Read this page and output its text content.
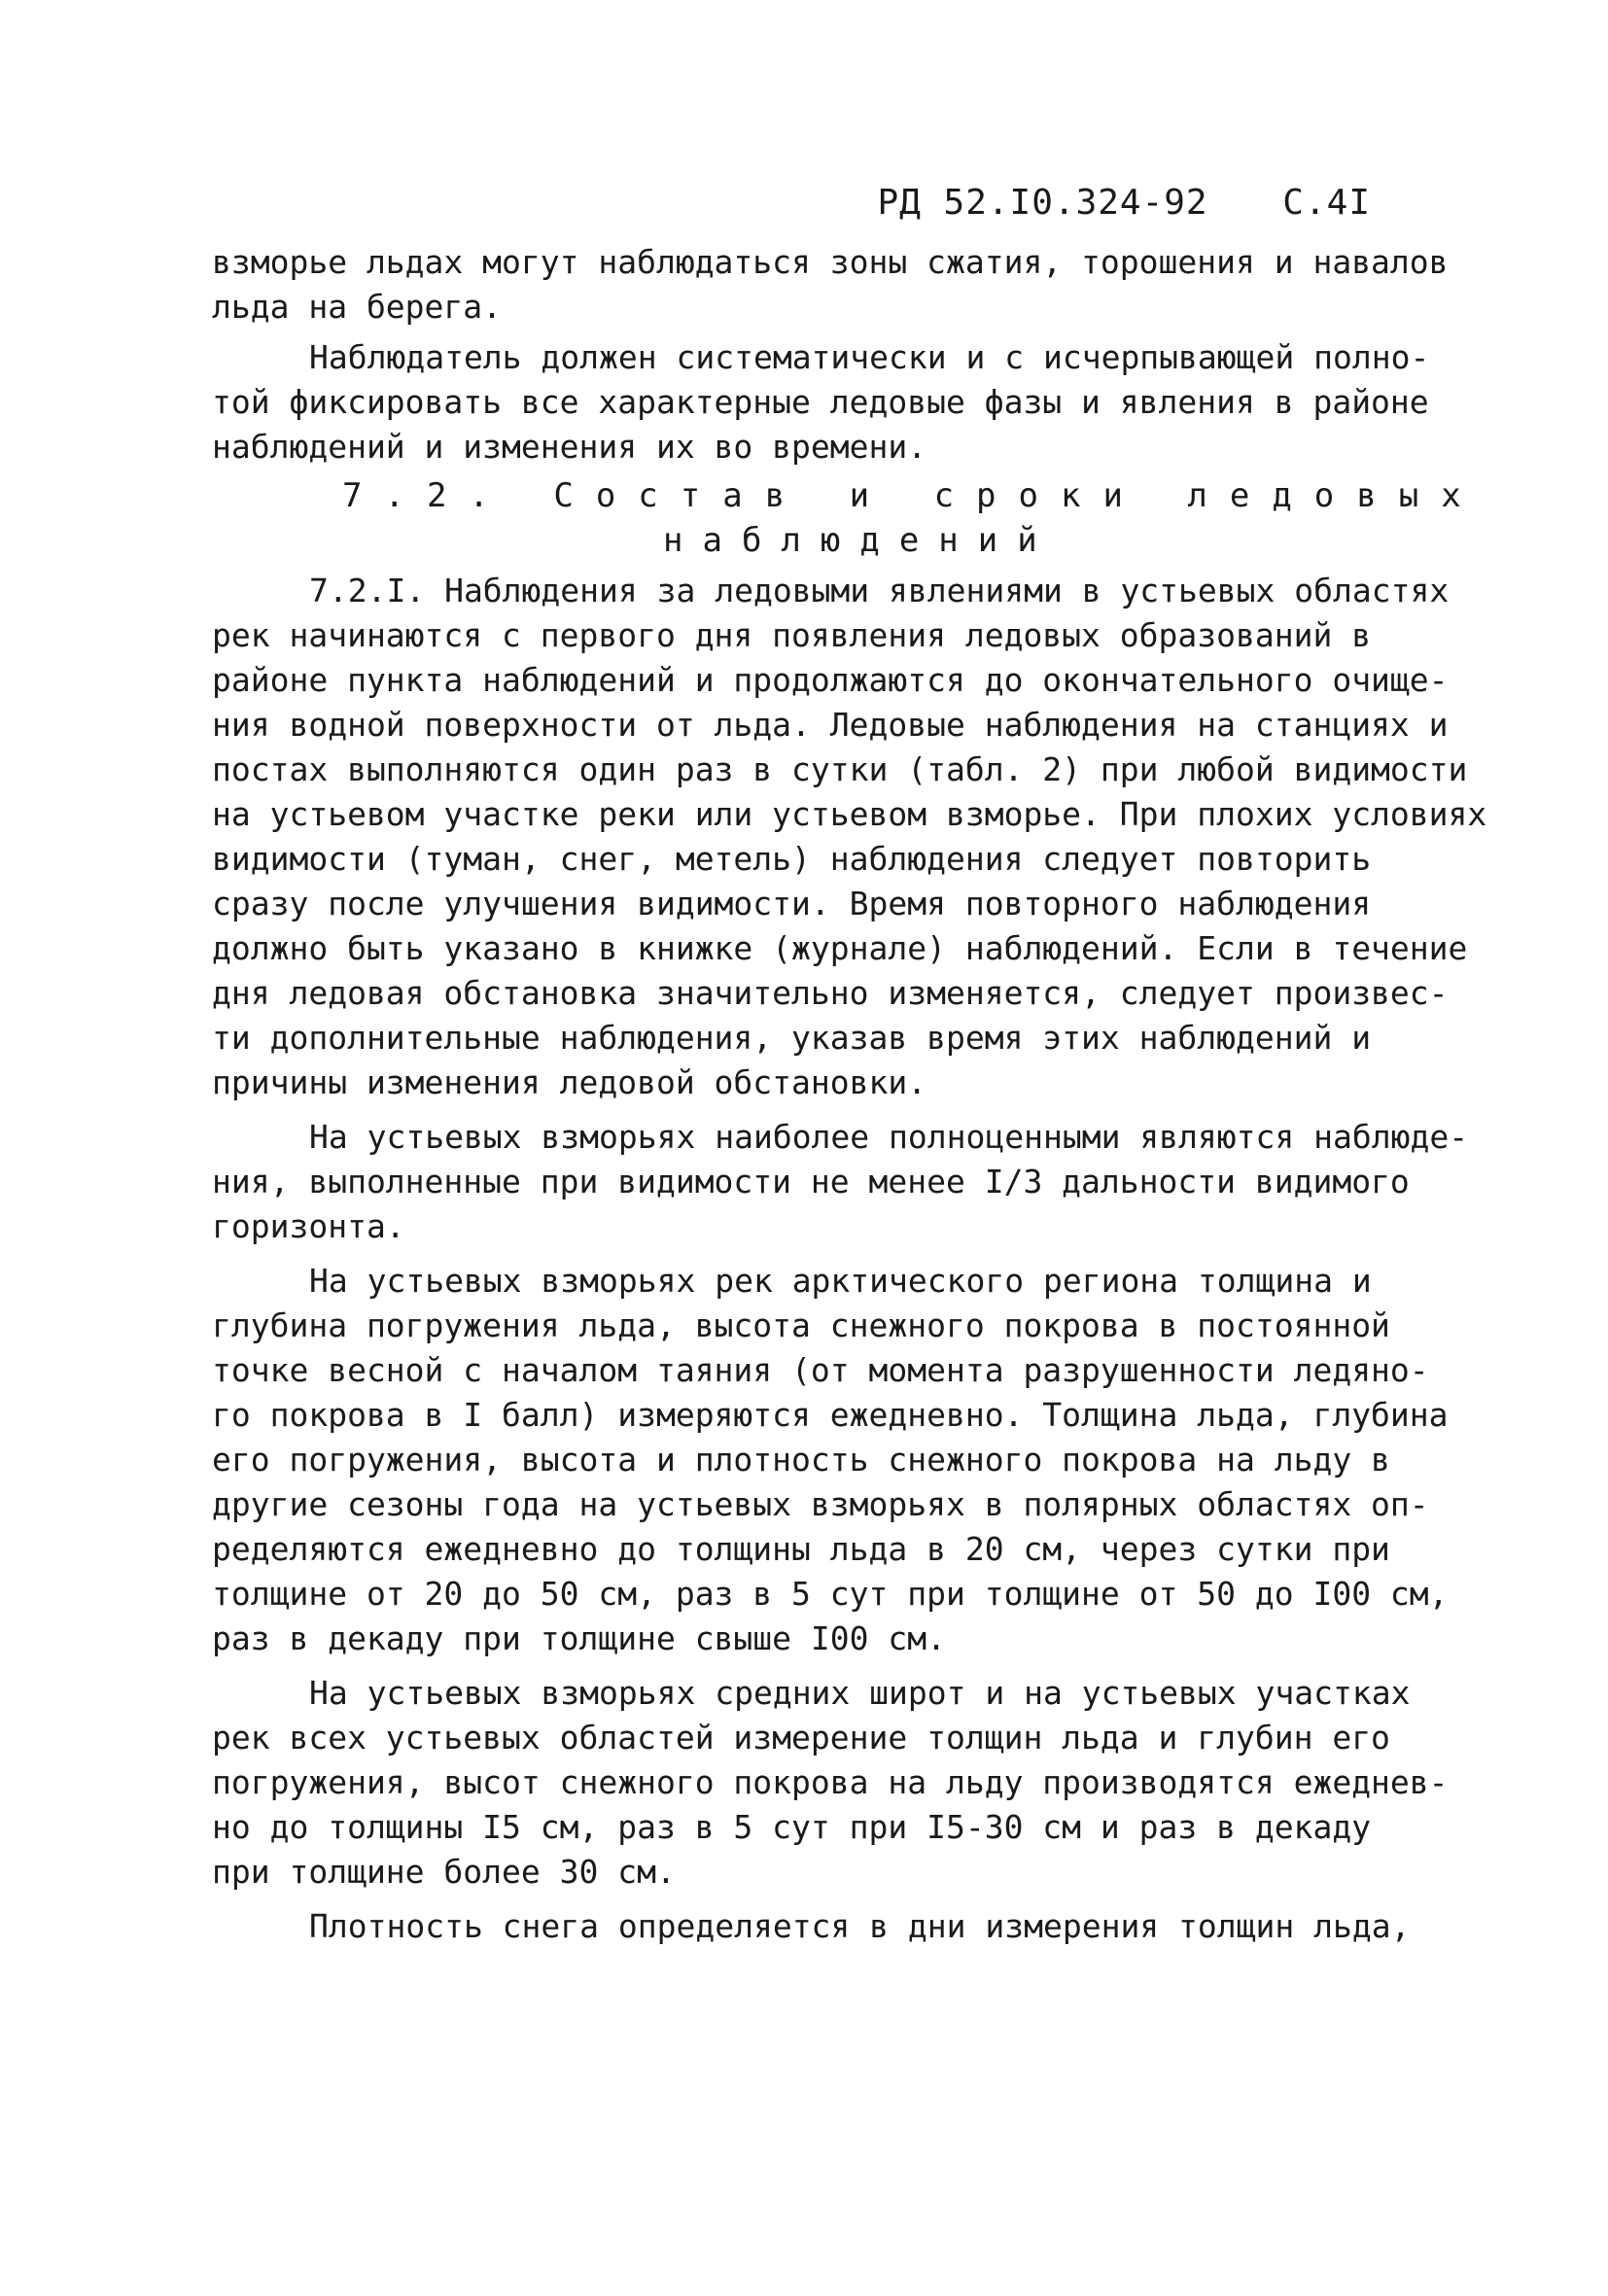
РД 52.I0.324-92 С.4I
взморье льдах могут наблюдаться зоны сжатия, торошения и навалов
льда на берега.
Наблюдатель должен систематически и с исчерпывающей полно-
той фиксировать все характерные ледовые фазы и явления в районе
наблюдений и изменения их во времени.
7.2. Состав и сроки ледовых
наблюдений
7.2.I. Наблюдения за ледовыми явлениями в устьевых областях
рек начинаются с первого дня появления ледовых образований в
районе пункта наблюдений и продолжаются до окончательного очище-
ния водной поверхности от льда. Ледовые наблюдения на станциях и
постах выполняются один раз в сутки (табл. 2) при любой видимости
на устьевом участке реки или устьевом взморье. При плохих условиях
видимости (туман, снег, метель) наблюдения следует повторить
сразу после улучшения видимости. Время повторного наблюдения
должно быть указано в книжке (журнале) наблюдений. Если в течение
дня ледовая обстановка значительно изменяется, следует произвес-
ти дополнительные наблюдения, указав время этих наблюдений и
причины изменения ледовой обстановки.
На устьевых взморьях наиболее полноценными являются наблюде-
ния, выполненные при видимости не менее I/3 дальности видимого
горизонта.
На устьевых взморьях рек арктического региона толщина и
глубина погружения льда, высота снежного покрова в постоянной
точке весной с началом таяния (от момента разрушенности ледяно-
го покрова в I балл) измеряются ежедневно. Толщина льда, глубина
его погружения, высота и плотность снежного покрова на льду в
другие сезоны года на устьевых взморьях в полярных областях оп-
ределяются ежедневно до толщины льда в 20 см, через сутки при
толщине от 20 до 50 см, раз в 5 сут при толщине от 50 до I00 см,
раз в декаду при толщине свыше I00 см.
На устьевых взморьях средних широт и на устьевых участках
рек всех устьевых областей измерение толщин льда и глубин его
погружения, высот снежного покрова на льду производятся ежеднев-
но до толщины I5 см, раз в 5 сут при I5-30 см и раз в декаду
при толщине более 30 см.
Плотность снега определяется в дни измерения толщин льда,
